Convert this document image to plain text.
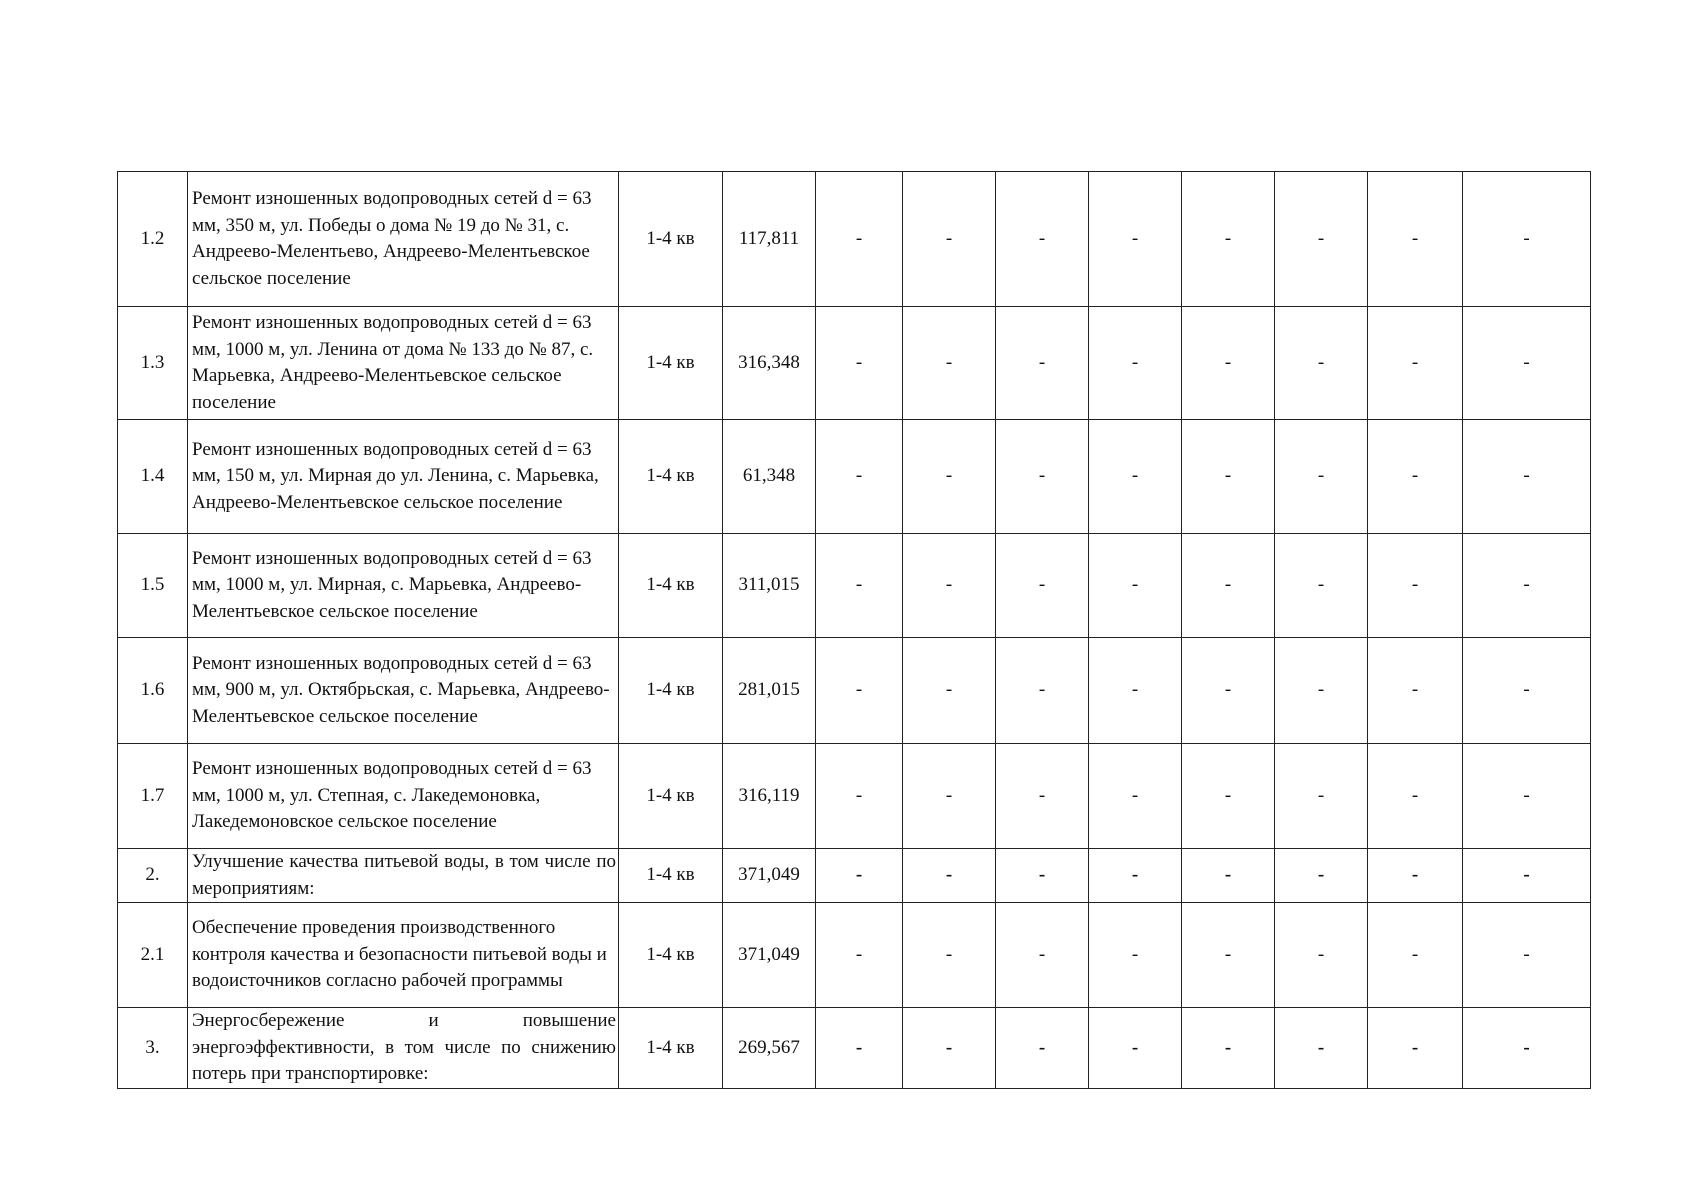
1.2	Ремонт изношенных водопроводных сетей d = 63 мм, 350 м, ул. Победы о дома № 19 до № 31, с. Андреево-Мелентьево, Андреево-Мелентьевское сельское поселение	1-4 кв	117,811	-	-	-	-	-	-	-	-
1.3	Ремонт изношенных водопроводных сетей d = 63 мм, 1000 м, ул. Ленина от дома № 133 до № 87, с. Марьевка, Андреево-Мелентьевское сельское поселение	1-4 кв	316,348	-	-	-	-	-	-	-	-
1.4	Ремонт изношенных водопроводных сетей d = 63 мм, 150 м, ул. Мирная до ул. Ленина, с. Марьевка, Андреево-Мелентьевское сельское поселение	1-4 кв	61,348	-	-	-	-	-	-	-	-
1.5	Ремонт изношенных водопроводных сетей d = 63 мм, 1000 м, ул. Мирная, с. Марьевка, Андреево-Мелентьевское сельское поселение	1-4 кв	311,015	-	-	-	-	-	-	-	-
1.6	Ремонт изношенных водопроводных сетей d = 63 мм, 900 м, ул. Октябрьская, с. Марьевка, Андреево-Мелентьевское сельское поселение	1-4 кв	281,015	-	-	-	-	-	-	-	-
1.7	Ремонт изношенных водопроводных сетей d = 63 мм, 1000 м, ул. Степная, с. Лакедемоновка, Лакедемоновское сельское поселение	1-4 кв	316,119	-	-	-	-	-	-	-	-
2.	Улучшение качества питьевой воды, в том числе по мероприятиям:	1-4 кв	371,049	-	-	-	-	-	-	-	-
2.1	Обеспечение проведения производственного контроля качества и безопасности питьевой воды и водоисточников согласно рабочей программы	1-4 кв	371,049	-	-	-	-	-	-	-	-
3.	Энергосбережение и повышение энергоэффективности, в том числе по снижению потерь при транспортировке:	1-4 кв	269,567	-	-	-	-	-	-	-	-
